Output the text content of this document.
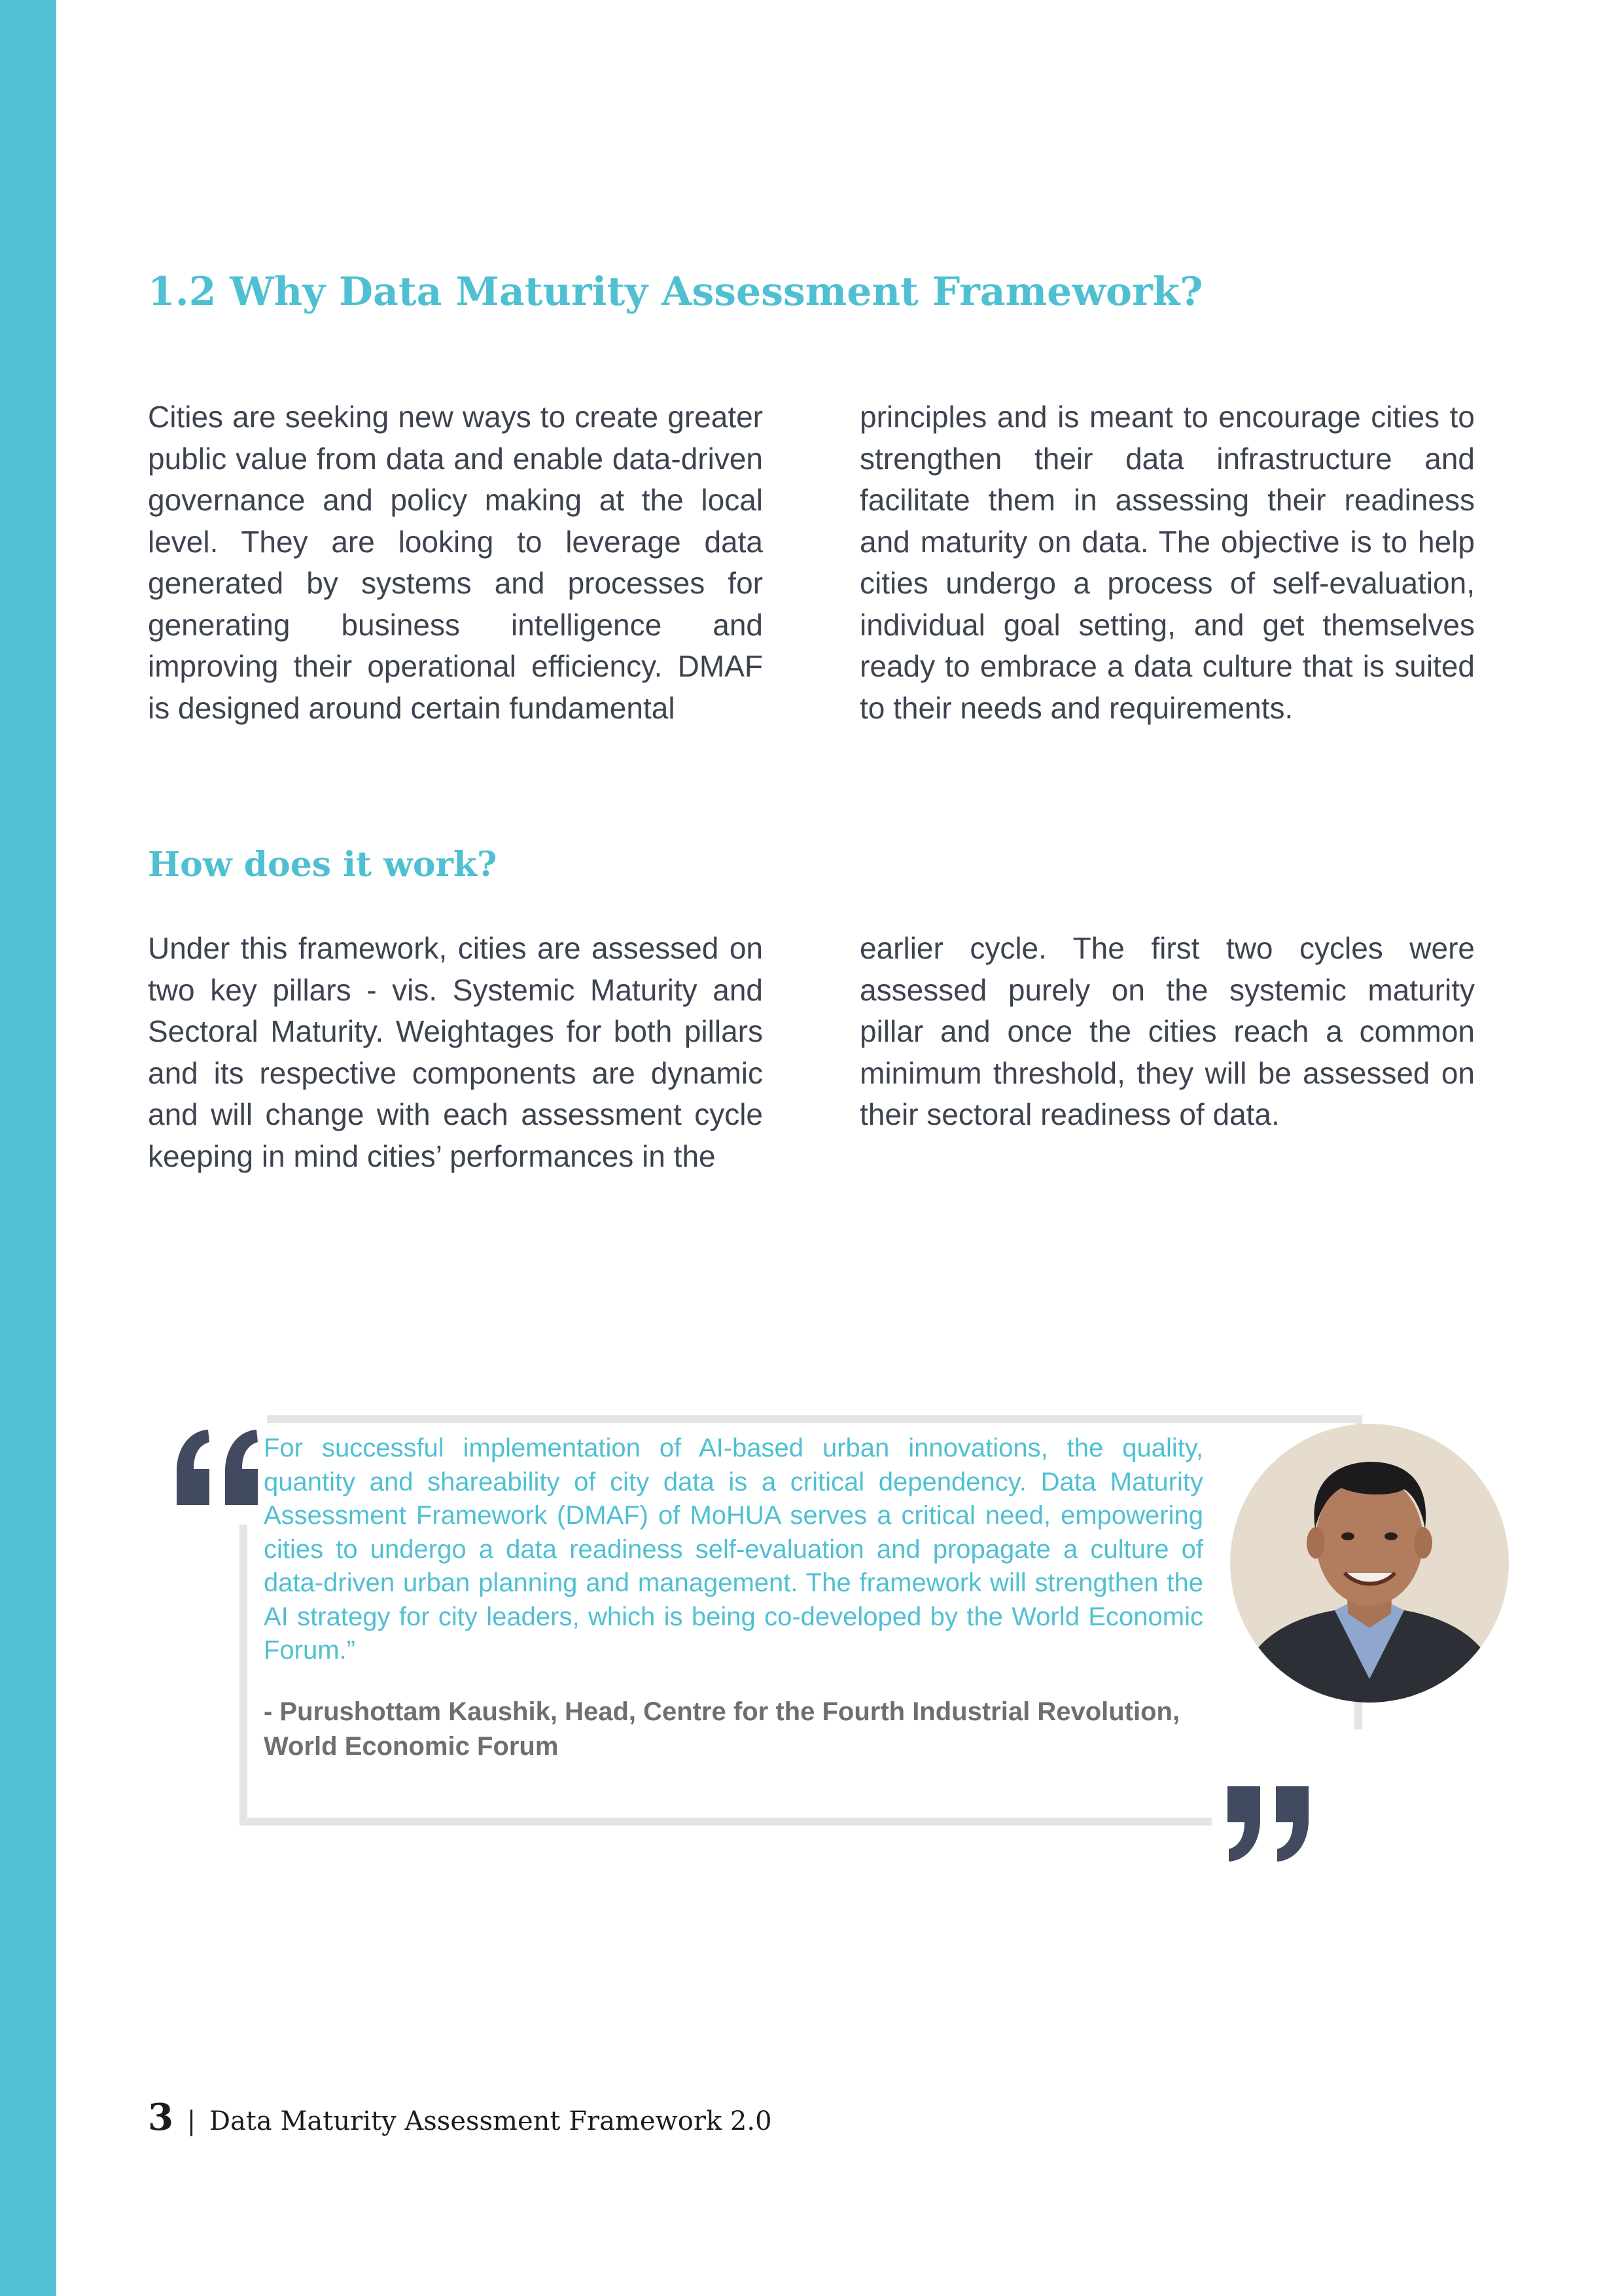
1.2 Why Data Maturity Assessment Framework?

Cities are seeking new ways to create greater public value from data and enable data-driven governance and policy making at the local level. They are looking to leverage data generated by systems and processes for generating business intelligence and improving their operational efficiency. DMAF is designed around certain fundamental

principles and is meant to encourage cities to strengthen their data infrastructure and facilitate them in assessing their readiness and maturity on data. The objective is to help cities undergo a process of self-evaluation, individual goal setting, and get themselves ready to embrace a data culture that is suited to their needs and requirements.

How does it work?

Under this framework, cities are assessed on two key pillars - vis. Systemic Maturity and Sectoral Maturity. Weightages for both pillars and its respective components are dynamic and will change with each assessment cycle keeping in mind cities’ performances in the

earlier cycle. The first two cycles were assessed purely on the systemic maturity pillar and once the cities reach a common minimum threshold, they will be assessed on their sectoral readiness of data.

For successful implementation of AI-based urban innovations, the quality, quantity and shareability of city data is a critical dependency. Data Maturity Assessment Framework (DMAF) of MoHUA serves a critical need, empowering cities to undergo a data readiness self-evaluation and propagate a culture of data-driven urban planning and management. The framework will strengthen the AI strategy for city leaders, which is being co-developed by the World Economic Forum.”

- Purushottam Kaushik, Head, Centre for the Fourth Industrial Revolution,
World Economic Forum
3 | Data Maturity Assessment Framework 2.0
